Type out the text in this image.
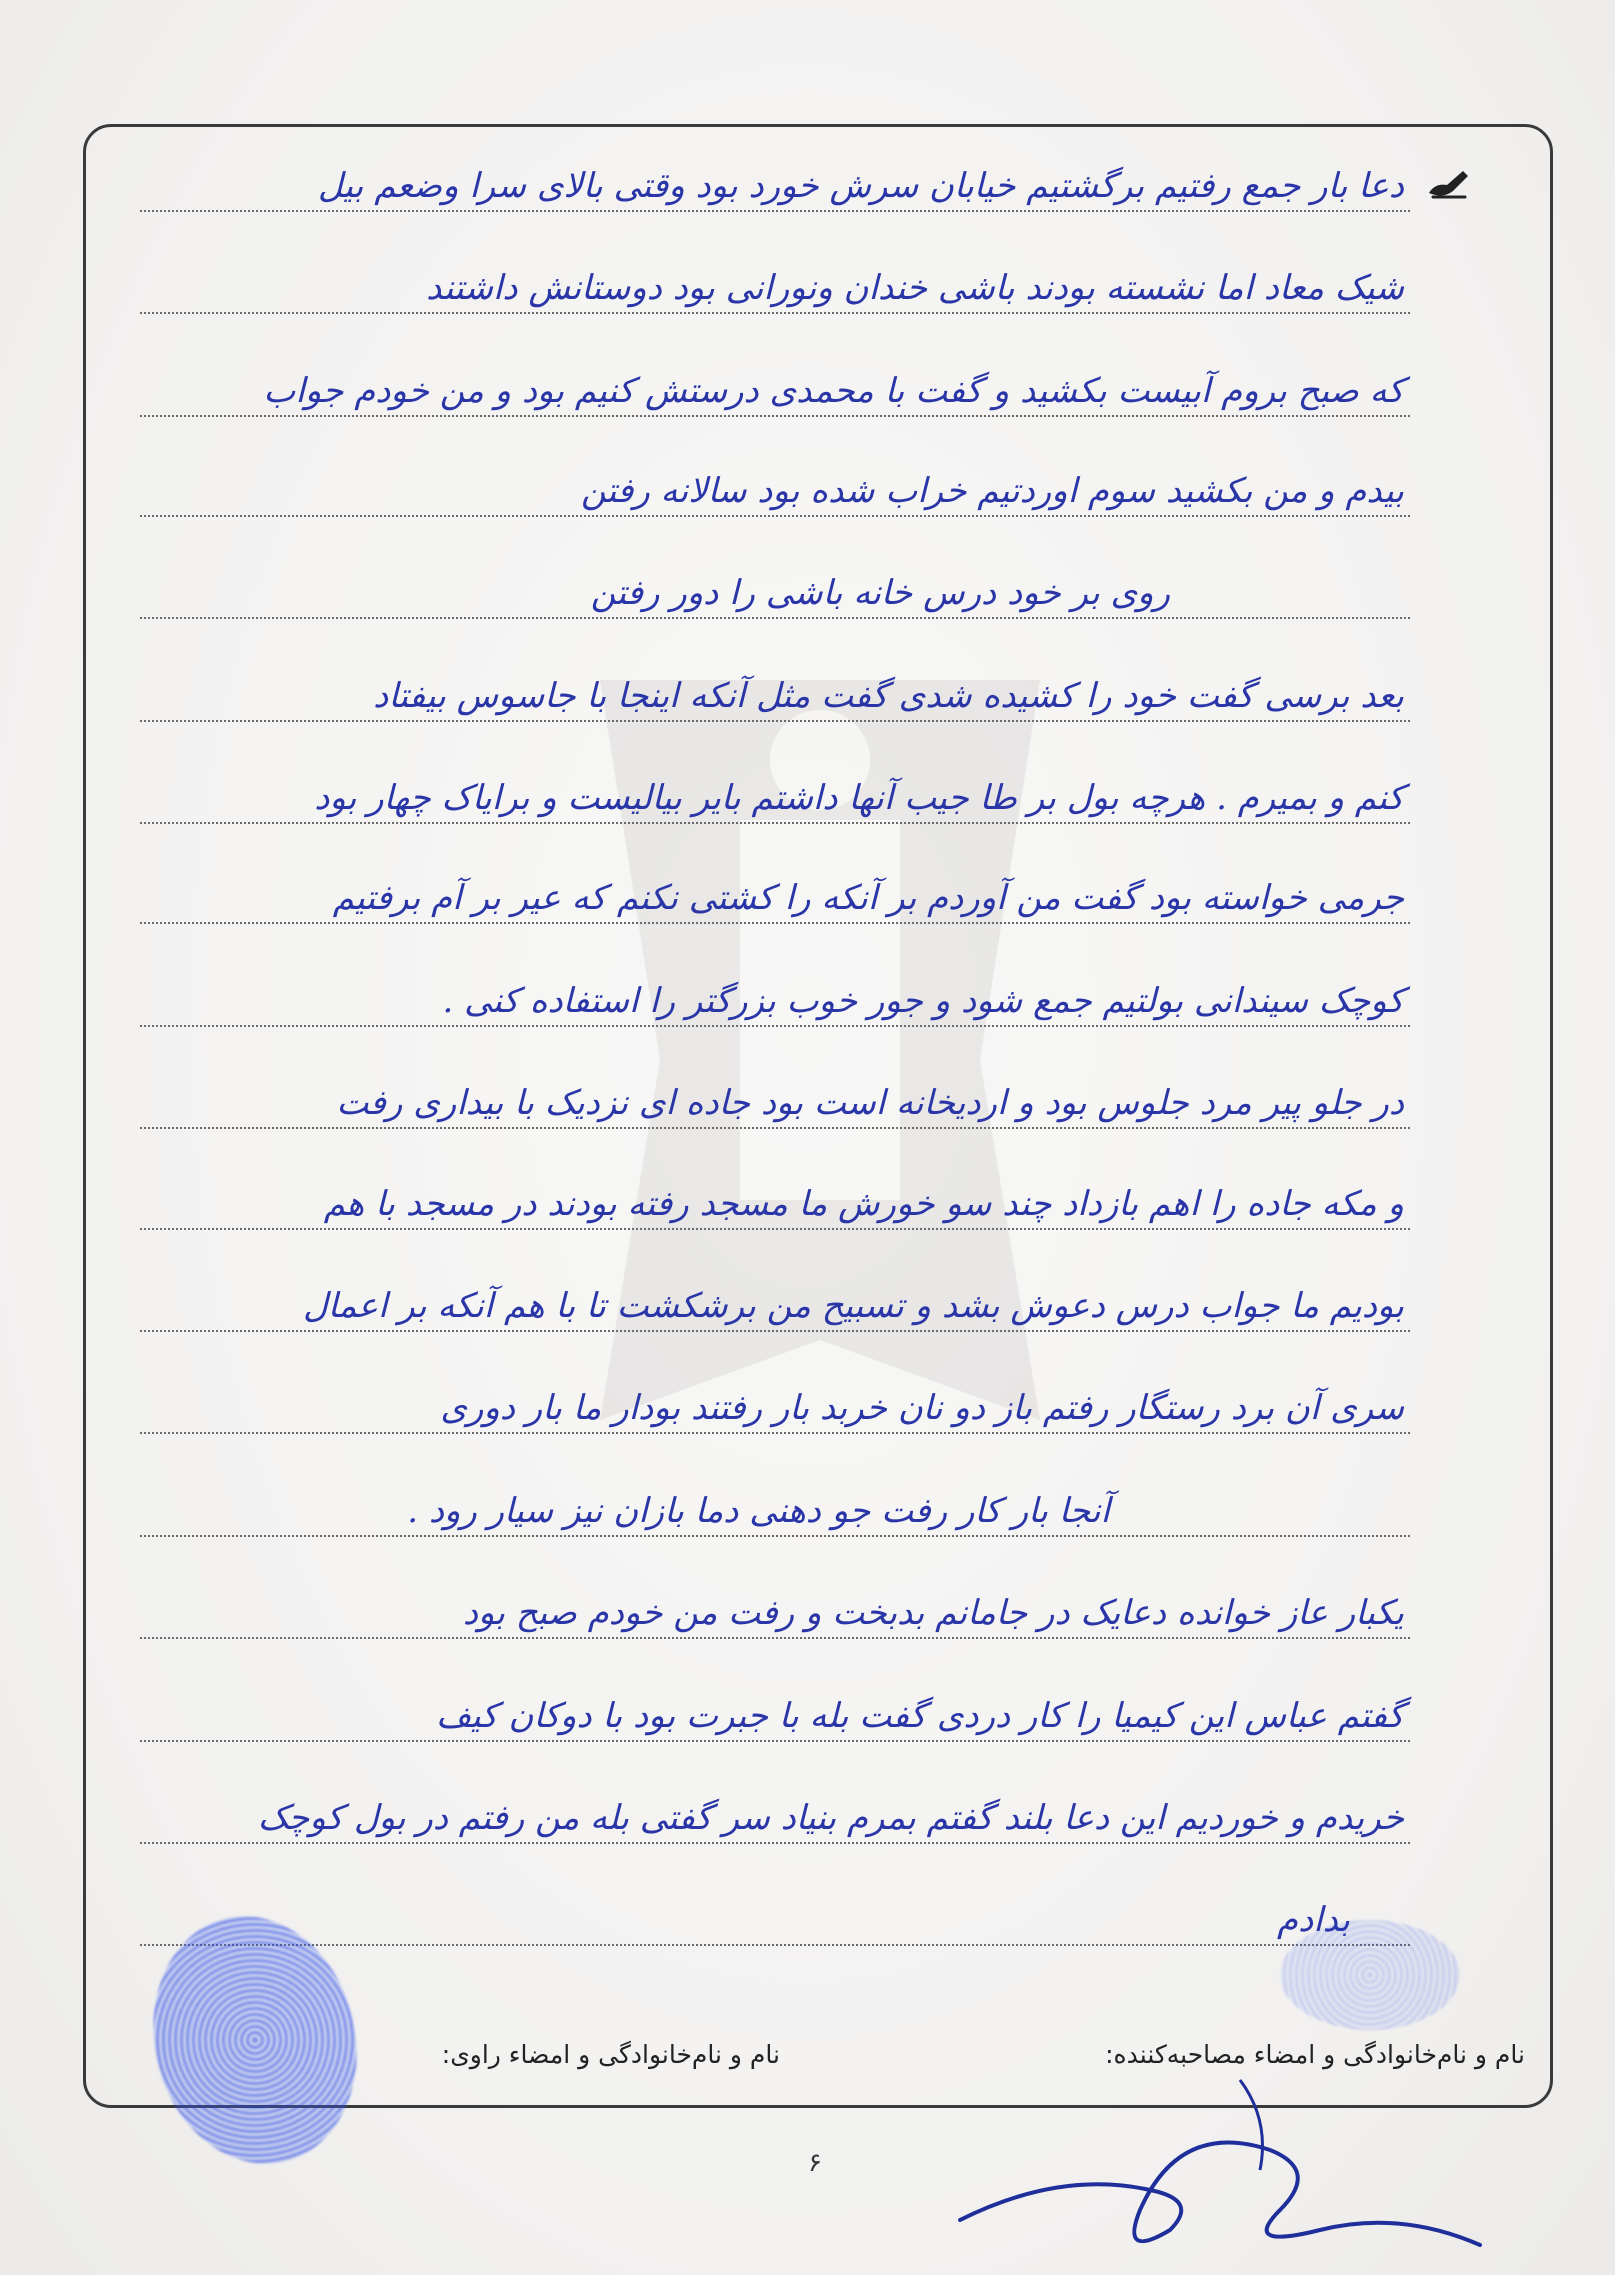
دعا بار جمع رفتیم برگشتیم خیابان سرش خورد بود وقتی بالای سرا وضعم بیل
شیک معاد اما نشسته بودند باشی خندان ونورانی بود دوستانش داشتند
که صبح بروم آبیست بکشید و گفت با محمدی درستش کنیم بود و من خودم جواب
بیدم و من بکشید سوم اوردتیم خراب شده بود سالانه رفتن
روی بر خود درس خانه باشی را دور رفتن
بعد برسی گفت خود را کشیده شدی گفت مثل آنکه اینجا با جاسوس بیفتاد
کنم و بمیرم . هرچه بول بر طا جیب آنها داشتم بایر بیالیست و برایاک چهار بود
جرمی خواسته بود گفت من آوردم بر آنکه را کشتی نکنم که عیر بر آم برفتیم
کوچک سیندانی بولتیم جمع شود و جور خوب بزرگتر را استفاده کنی .
در جلو پیر مرد جلوس بود و اردیخانه است بود جاده ای نزدیک با بیداری رفت
و مکه جاده را اهم بازداد چند سو خورش ما مسجد رفته بودند در مسجد با هم
بودیم ما جواب درس دعوش بشد و تسبیح من برشکشت تا با هم آنکه بر اعمال
سری آن برد رستگار رفتم باز دو نان خربد بار رفتند بودار ما بار دوری
آنجا بار کار رفت جو دهنی دما بازان نیز سیار رود .
یکبار عاز خوانده دعایک در جامانم بدبخت و رفت من خودم صبح بود
گفتم عباس این کیمیا را کار دردی گفت بله با جبرت بود با دوکان کیف
خریدم و خوردیم این دعا بلند گفتم بمرم بنیاد سر گفتی بله من رفتم در بول کوچک
بدادم
نام و نام‌خانوادگی و امضاء مصاحبه‌کننده:
نام و نام‌خانوادگی و امضاء راوی:
۶
